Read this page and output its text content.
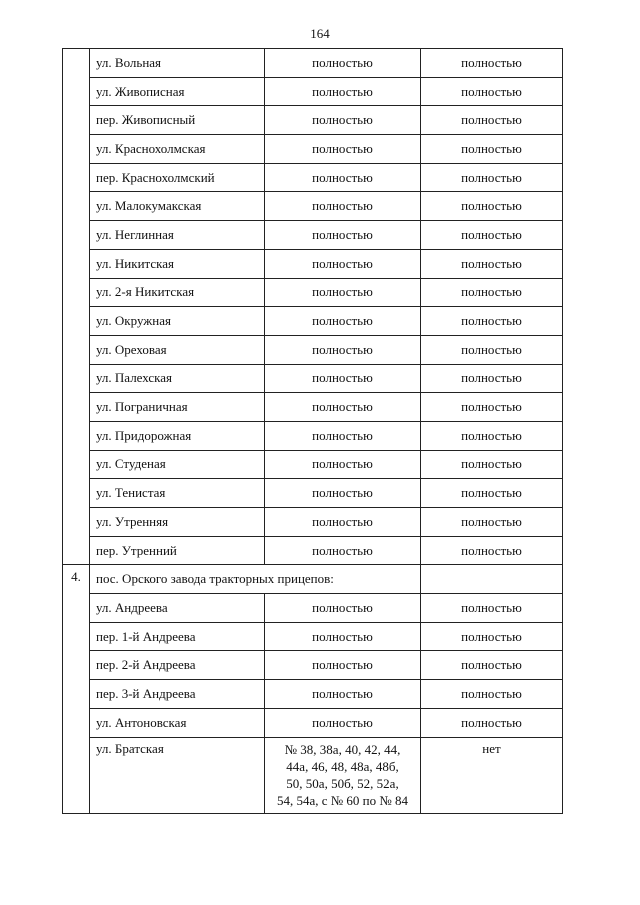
164
	ул. Вольная	полностью	полностью
	ул. Живописная	полностью	полностью
	пер. Живописный	полностью	полностью
	ул. Краснохолмская	полностью	полностью
	пер. Краснохолмский	полностью	полностью
	ул. Малокумакская	полностью	полностью
	ул. Неглинная	полностью	полностью
	ул. Никитская	полностью	полностью
	ул. 2-я Никитская	полностью	полностью
	ул. Окружная	полностью	полностью
	ул. Ореховая	полностью	полностью
	ул. Палехская	полностью	полностью
	ул. Пограничная	полностью	полностью
	ул. Придорожная	полностью	полностью
	ул. Студеная	полностью	полностью
	ул. Тенистая	полностью	полностью
	ул. Утренняя	полностью	полностью
	пер. Утренний	полностью	полностью
4.	пос. Орского завода тракторных прицепов:		
	ул. Андреева	полностью	полностью
	пер. 1-й Андреева	полностью	полностью
	пер. 2-й Андреева	полностью	полностью
	пер. 3-й Андреева	полностью	полностью
	ул. Антоновская	полностью	полностью
	ул. Братская	№ 38, 38а, 40, 42, 44,
44а, 46, 48, 48а, 48б,
50, 50а, 50б, 52, 52а,
54, 54а, с № 60 по № 84	нет
